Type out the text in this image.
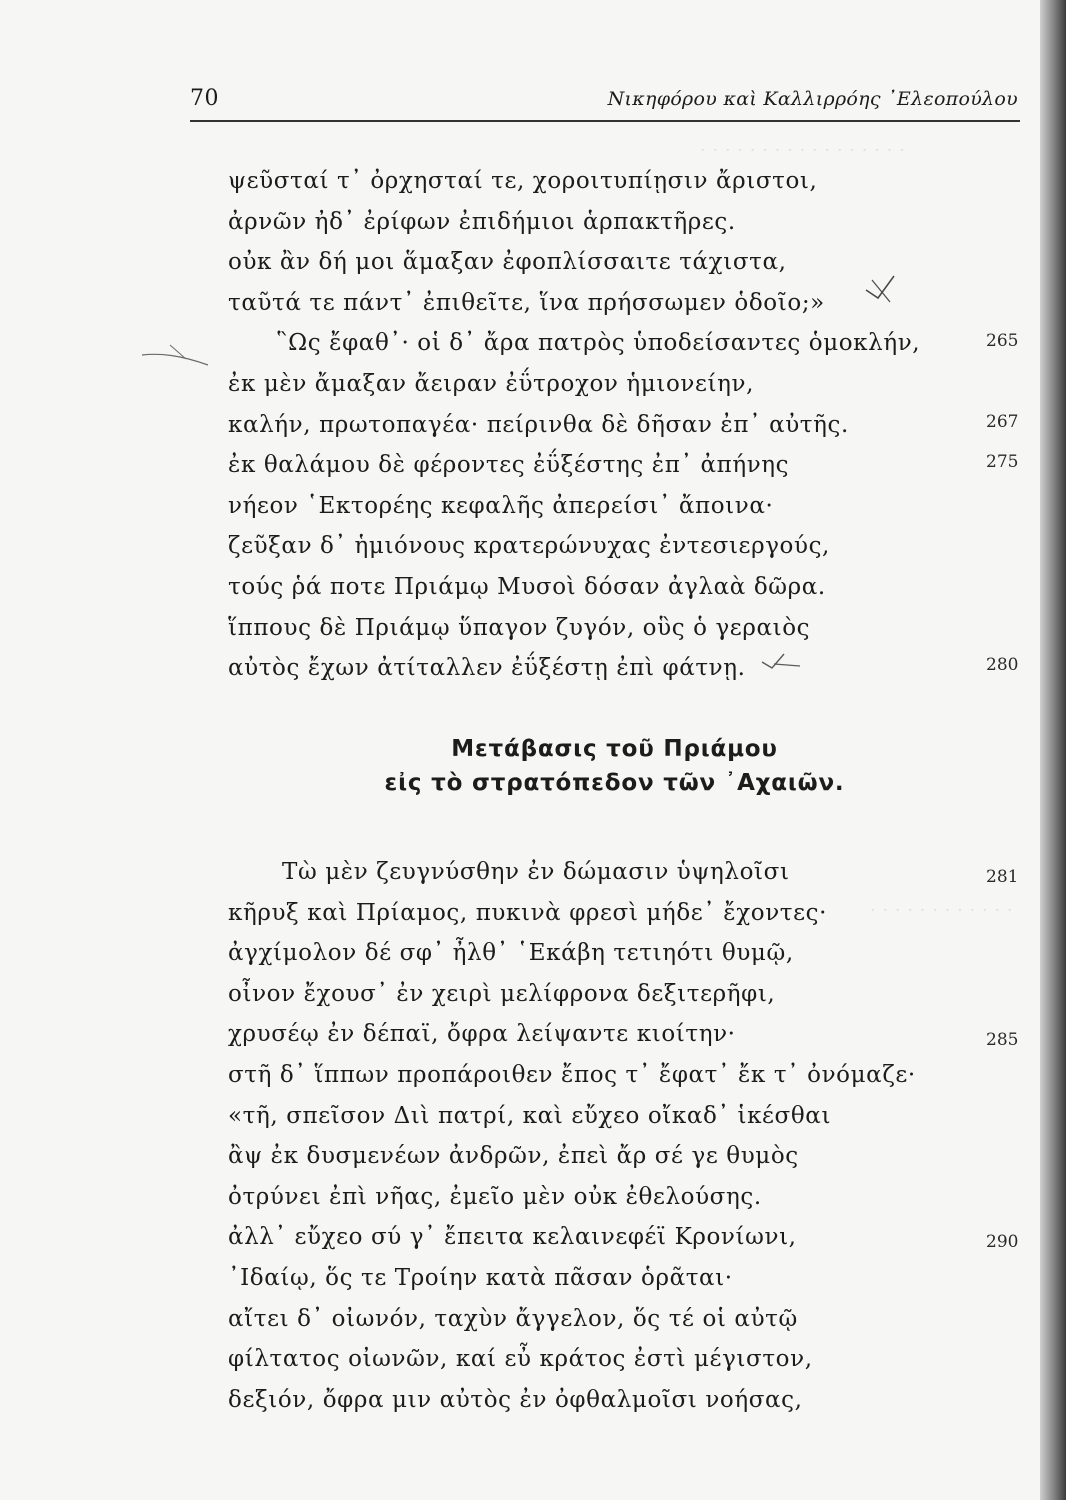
70	Νικηφόρου καὶ Καλλιρρόης ᾿Ελεοπούλου
· · · · · · · · · · · · · · · · ·
· · · · · · · · · · · ·
ψεῦσταί τ᾿ ὀρχησταί τε, χοροιτυπίῃσιν ἄριστοι,
ἀρνῶν ἠδ᾿ ἐρίφων ἐπιδήμιοι ἁρπακτῆρες.
οὐκ ἂν δή μοι ἅμαξαν ἐφοπλίσσαιτε τάχιστα,
ταῦτά τε πάντ᾿ ἐπιθεῖτε, ἵνα πρήσσωμεν ὁδοῖο;»
῝Ως ἔφαθ᾿· οἱ δ᾿ ἄρα πατρὸς ὑποδείσαντες ὁμοκλήν,
ἐκ μὲν ἄμαξαν ἄειραν ἐΰτροχον ἡμιονείην,
καλήν, πρωτοπαγέα· πείρινθα δὲ δῆσαν ἐπ᾿ αὐτῆς.
ἐκ θαλάμου δὲ φέροντες ἐΰξέστης ἐπ᾿ ἀπήνης
νήεον ῾Εκτορέης κεφαλῆς ἀπερείσι᾿ ἄποινα·
ζεῦξαν δ᾿ ἡμιόνους κρατερώνυχας ἐντεσιεργούς,
τούς ῥά ποτε Πριάμῳ Μυσοὶ δόσαν ἀγλαὰ δῶρα.
ἵππους δὲ Πριάμῳ ὕπαγον ζυγόν, οὓς ὁ γεραιὸς
αὐτὸς ἔχων ἀτίταλλεν ἐΰξέστῃ ἐπὶ φάτνῃ.
265
267
275
280
Μετάβασις τοῦ Πριάμου
εἰς τὸ στρατόπεδον τῶν ᾿Αχαιῶν.
Τὼ μὲν ζευγνύσθην ἐν δώμασιν ὑψηλοῖσι
κῆρυξ καὶ Πρίαμος, πυκινὰ φρεσὶ μήδε᾿ ἔχοντες·
ἀγχίμολον δέ σφ᾿ ἦλθ᾿ ῾Εκάβη τετιηότι θυμῷ,
οἶνον ἔχουσ᾿ ἐν χειρὶ μελίφρονα δεξιτερῆφι,
χρυσέῳ ἐν δέπαϊ, ὄφρα λείψαντε κιοίτην·
στῆ δ᾿ ἵππων προπάροιθεν ἔπος τ᾿ ἔφατ᾿ ἔκ τ᾿ ὀνόμαζε·
«τῆ, σπεῖσον Διὶ πατρί, καὶ εὔχεο οἴκαδ᾿ ἱκέσθαι
ἂψ ἐκ δυσμενέων ἀνδρῶν, ἐπεὶ ἄρ σέ γε θυμὸς
ὀτρύνει ἐπὶ νῆας, ἐμεῖο μὲν οὐκ ἐθελούσης.
ἀλλ᾿ εὔχεο σύ γ᾿ ἔπειτα κελαινεφέϊ Κρονίωνι,
᾿Ιδαίῳ, ὅς τε Τροίην κατὰ πᾶσαν ὁρᾶται·
αἴτει δ᾿ οἰωνόν, ταχὺν ἄγγελον, ὅς τέ οἱ αὐτῷ
φίλτατος οἰωνῶν, καί εὖ κράτος ἐστὶ μέγιστον,
δεξιόν, ὄφρα μιν αὐτὸς ἐν ὀφθαλμοῖσι νοήσας,
281
285
290
